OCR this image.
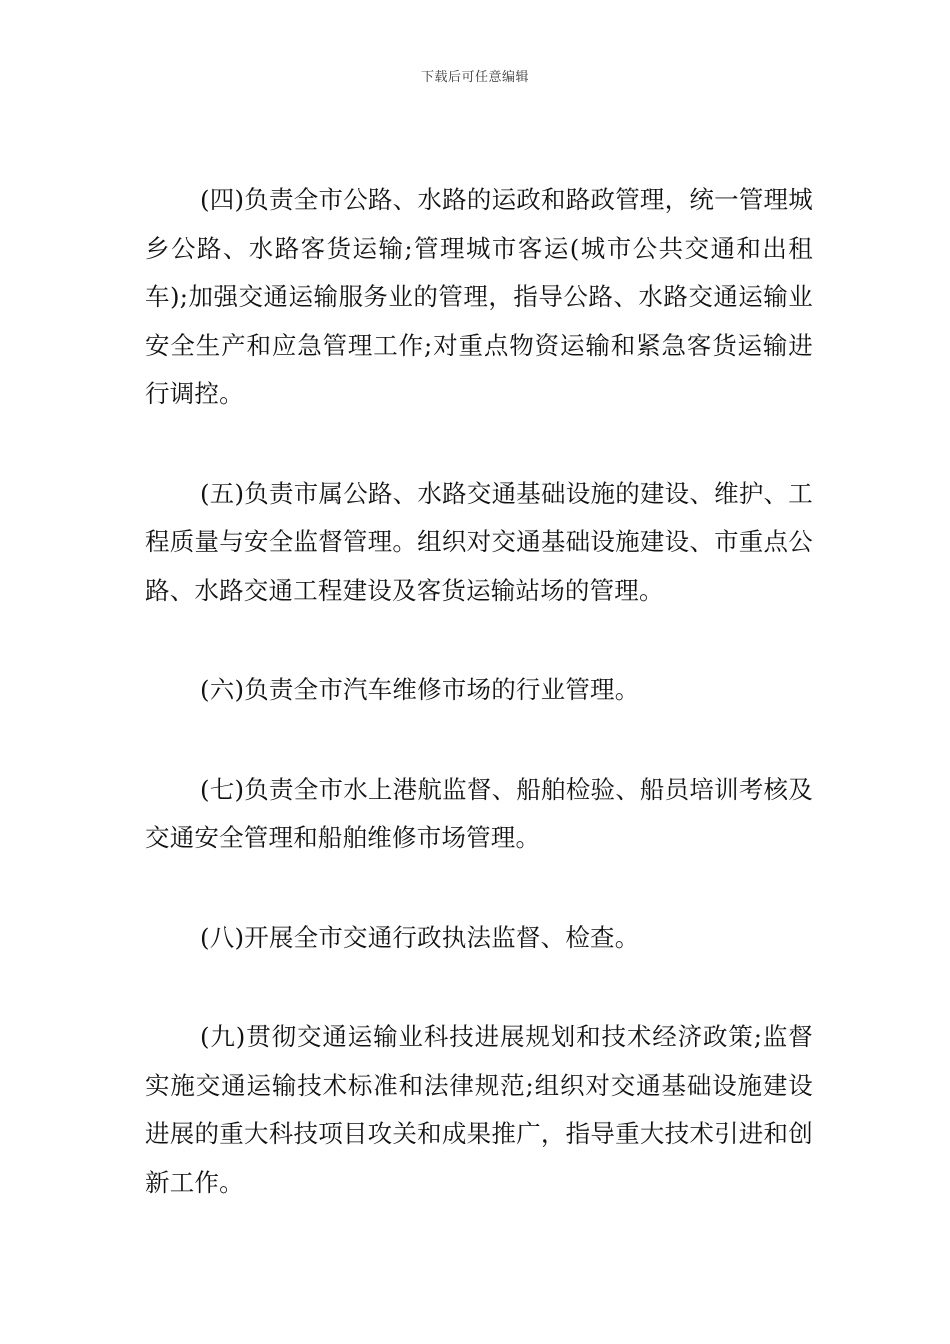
下载后可任意编辑

(四)负责全市公路、水路的运政和路政管理，统一管理城乡公路、水路客货运输;管理城市客运(城市公共交通和出租车);加强交通运输服务业的管理，指导公路、水路交通运输业安全生产和应急管理工作;对重点物资运输和紧急客货运输进行调控。

(五)负责市属公路、水路交通基础设施的建设、维护、工程质量与安全监督管理。组织对交通基础设施建设、市重点公路、水路交通工程建设及客货运输站场的管理。

(六)负责全市汽车维修市场的行业管理。

(七)负责全市水上港航监督、船舶检验、船员培训考核及交通安全管理和船舶维修市场管理。

(八)开展全市交通行政执法监督、检查。

(九)贯彻交通运输业科技进展规划和技术经济政策;监督实施交通运输技术标准和法律规范;组织对交通基础设施建设进展的重大科技项目攻关和成果推广，指导重大技术引进和创新工作。
